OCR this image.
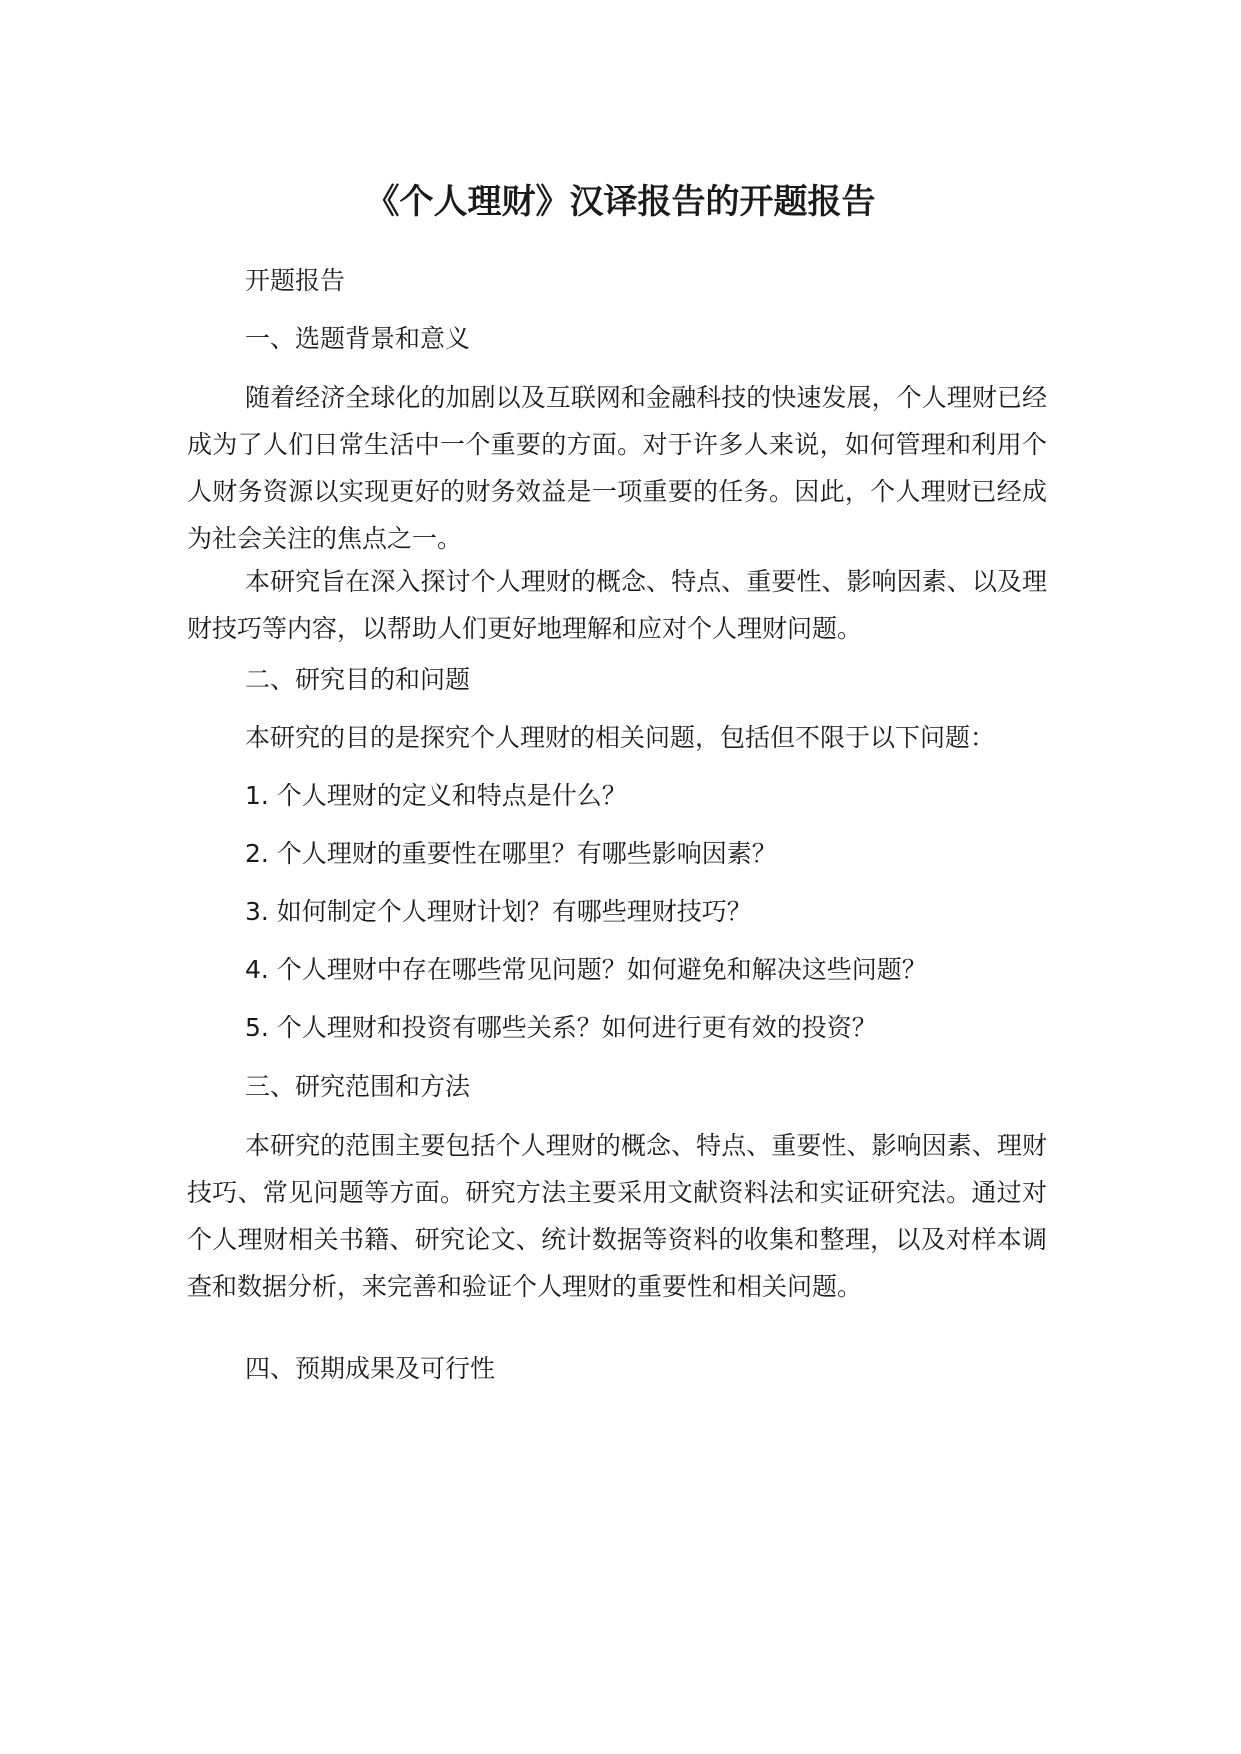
《个人理财》汉译报告的开题报告
开题报告
一、选题背景和意义
随着经济全球化的加剧以及互联网和金融科技的快速发展，个人理财已经成为了人们日常生活中一个重要的方面。对于许多人来说，如何管理和利用个人财务资源以实现更好的财务效益是一项重要的任务。因此，个人理财已经成为社会关注的焦点之一。
本研究旨在深入探讨个人理财的概念、特点、重要性、影响因素、以及理财技巧等内容，以帮助人们更好地理解和应对个人理财问题。
二、研究目的和问题
本研究的目的是探究个人理财的相关问题，包括但不限于以下问题：
1. 个人理财的定义和特点是什么？
2. 个人理财的重要性在哪里？有哪些影响因素？
3. 如何制定个人理财计划？有哪些理财技巧？
4. 个人理财中存在哪些常见问题？如何避免和解决这些问题？
5. 个人理财和投资有哪些关系？如何进行更有效的投资？
三、研究范围和方法
本研究的范围主要包括个人理财的概念、特点、重要性、影响因素、理财技巧、常见问题等方面。研究方法主要采用文献资料法和实证研究法。通过对个人理财相关书籍、研究论文、统计数据等资料的收集和整理，以及对样本调查和数据分析，来完善和验证个人理财的重要性和相关问题。
四、预期成果及可行性
